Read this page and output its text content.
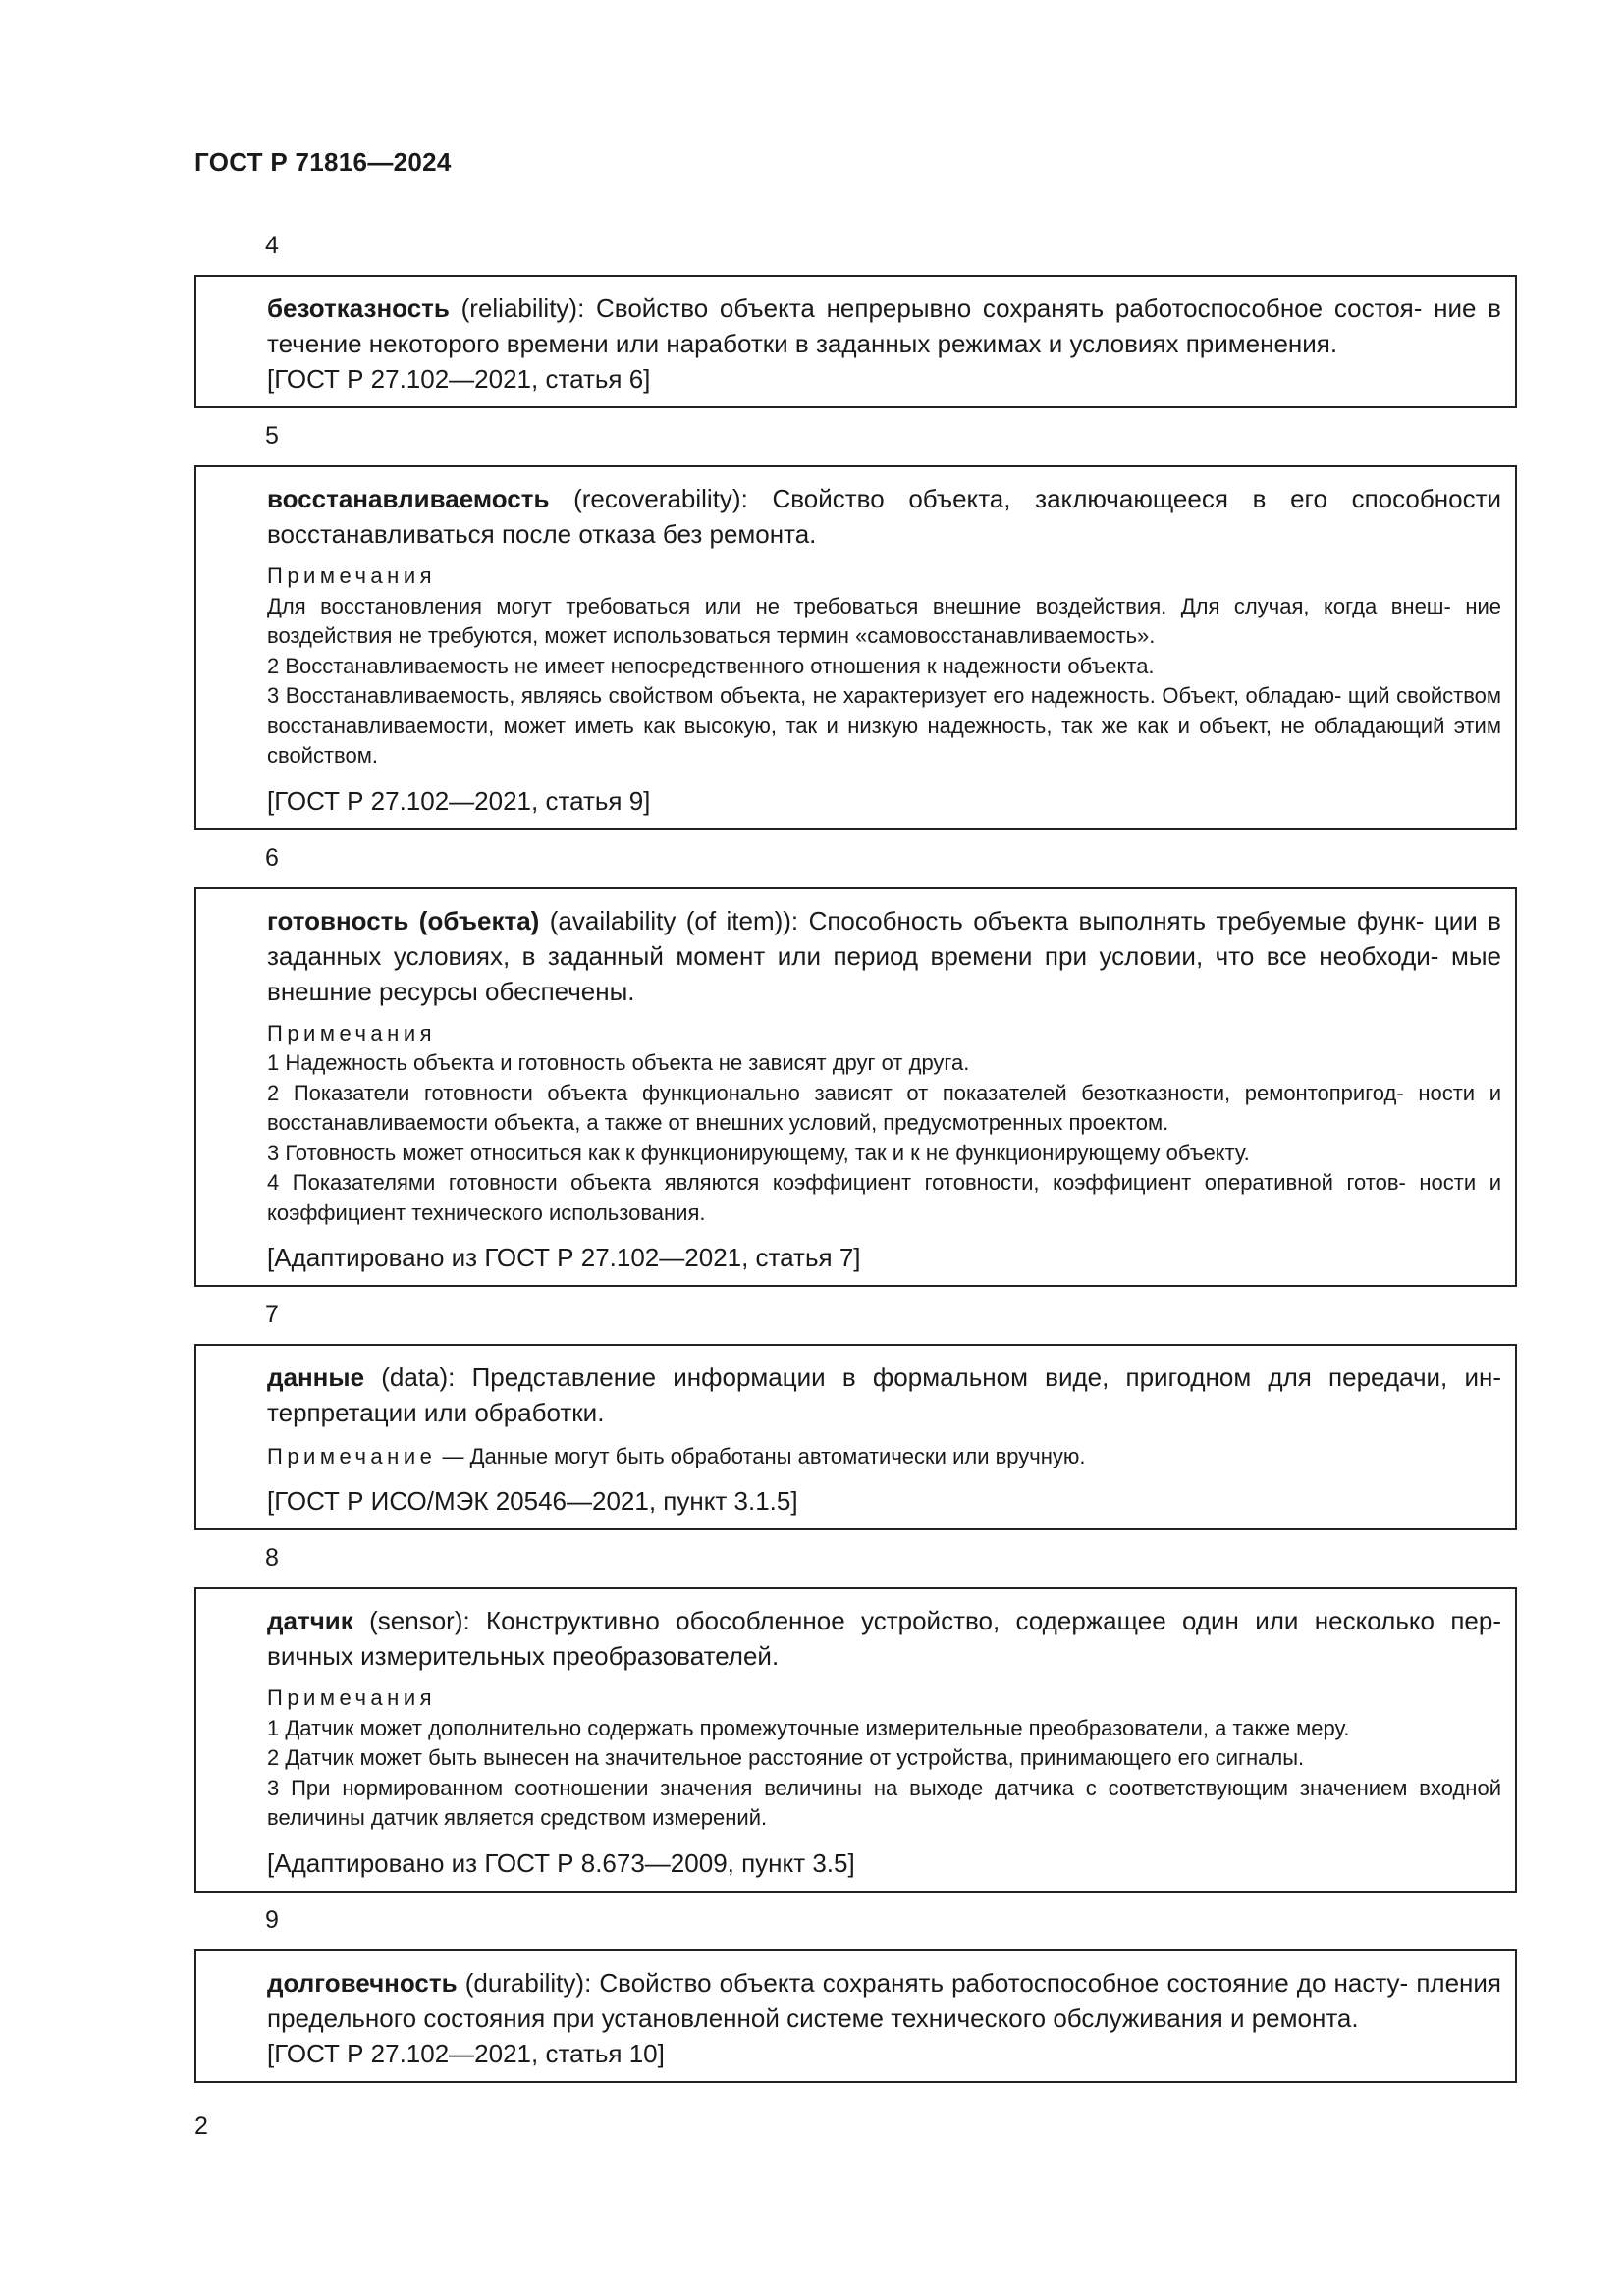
ГОСТ Р 71816—2024
4
безотказность (reliability): Свойство объекта непрерывно сохранять работоспособное состоя- ние в течение некоторого времени или наработки в заданных режимах и условиях применения.
[ГОСТ Р 27.102—2021, статья 6]
5
восстанавливаемость (recoverability): Свойство объекта, заключающееся в его способности восстанавливаться после отказа без ремонта.
Примечания
Для восстановления могут требоваться или не требоваться внешние воздействия. Для случая, когда внеш- ние воздействия не требуются, может использоваться термин «самовосстанавливаемость».
2 Восстанавливаемость не имеет непосредственного отношения к надежности объекта.
3 Восстанавливаемость, являясь свойством объекта, не характеризует его надежность. Объект, обладаю- щий свойством восстанавливаемости, может иметь как высокую, так и низкую надежность, так же как и объект, не обладающий этим свойством.
[ГОСТ Р 27.102—2021, статья 9]
6
готовность (объекта) (availability (of item)): Способность объекта выполнять требуемые функ- ции в заданных условиях, в заданный момент или период времени при условии, что все необходи- мые внешние ресурсы обеспечены.
Примечания
1 Надежность объекта и готовность объекта не зависят друг от друга.
2 Показатели готовности объекта функционально зависят от показателей безотказности, ремонтопригод- ности и восстанавливаемости объекта, а также от внешних условий, предусмотренных проектом.
3 Готовность может относиться как к функционирующему, так и к не функционирующему объекту.
4 Показателями готовности объекта являются коэффициент готовности, коэффициент оперативной готов- ности и коэффициент технического использования.
[Адаптировано из ГОСТ Р 27.102—2021, статья 7]
7
данные (data): Представление информации в формальном виде, пригодном для передачи, ин- терпретации или обработки.
Примечание — Данные могут быть обработаны автоматически или вручную.
[ГОСТ Р ИСО/МЭК 20546—2021, пункт 3.1.5]
8
датчик (sensor): Конструктивно обособленное устройство, содержащее один или несколько пер- вичных измерительных преобразователей.
Примечания
1 Датчик может дополнительно содержать промежуточные измерительные преобразователи, а также меру.
2 Датчик может быть вынесен на значительное расстояние от устройства, принимающего его сигналы.
3 При нормированном соотношении значения величины на выходе датчика с соответствующим значением входной величины датчик является средством измерений.
[Адаптировано из ГОСТ Р 8.673—2009, пункт 3.5]
9
долговечность (durability): Свойство объекта сохранять работоспособное состояние до насту- пления предельного состояния при установленной системе технического обслуживания и ремонта.
[ГОСТ Р 27.102—2021, статья 10]
2
